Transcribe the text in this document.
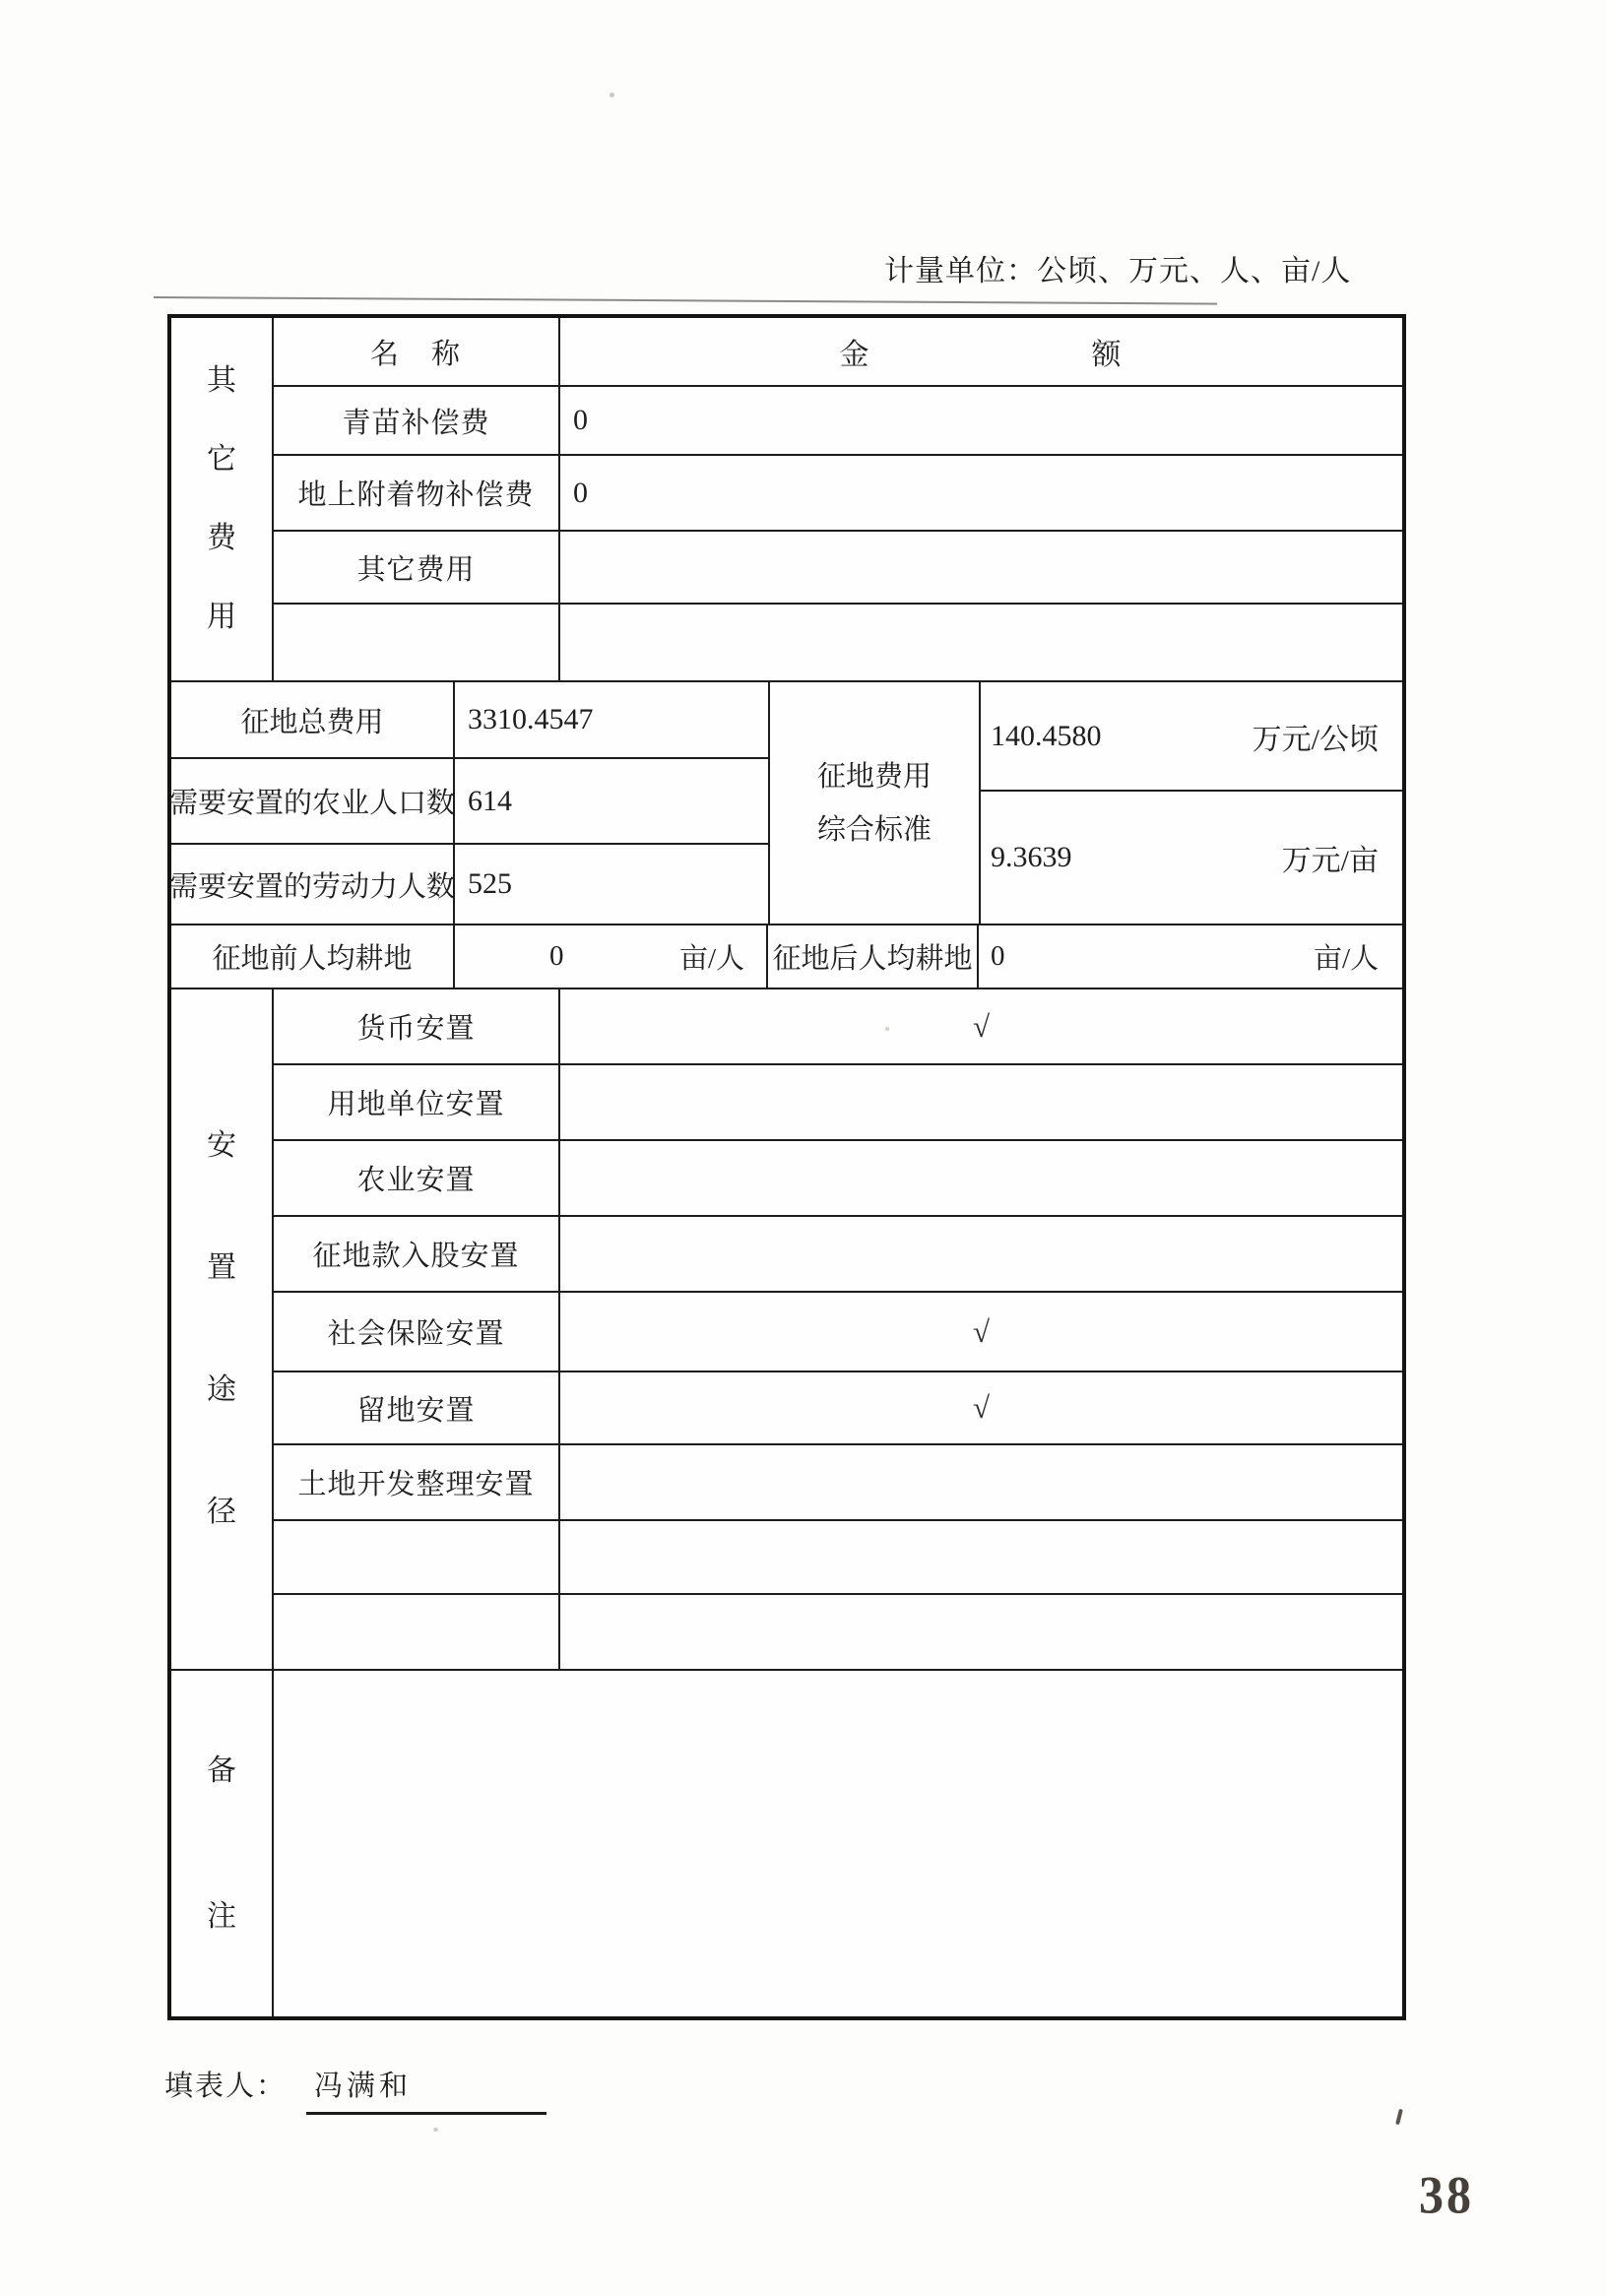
计量单位：公顷、万元、人、亩/人
其它费用
名　称	金　　　　　　　额
青苗补偿费	0
地上附着物补偿费	0
其它费用
征地总费用	3310.4547
需要安置的农业人口数 614
需要安置的劳动力人数 525
征地费用综合标准
140.4580	万元/公顷
9.3639	万元/亩
征地前人均耕地	0	亩/人 征地后人均耕地 0	亩/人
安置途径
货币安置	√
用地单位安置
农业安置
征地款入股安置
社会保险安置	√
留地安置	√
土地开发整理安置
备注
填表人： 冯满和
38
